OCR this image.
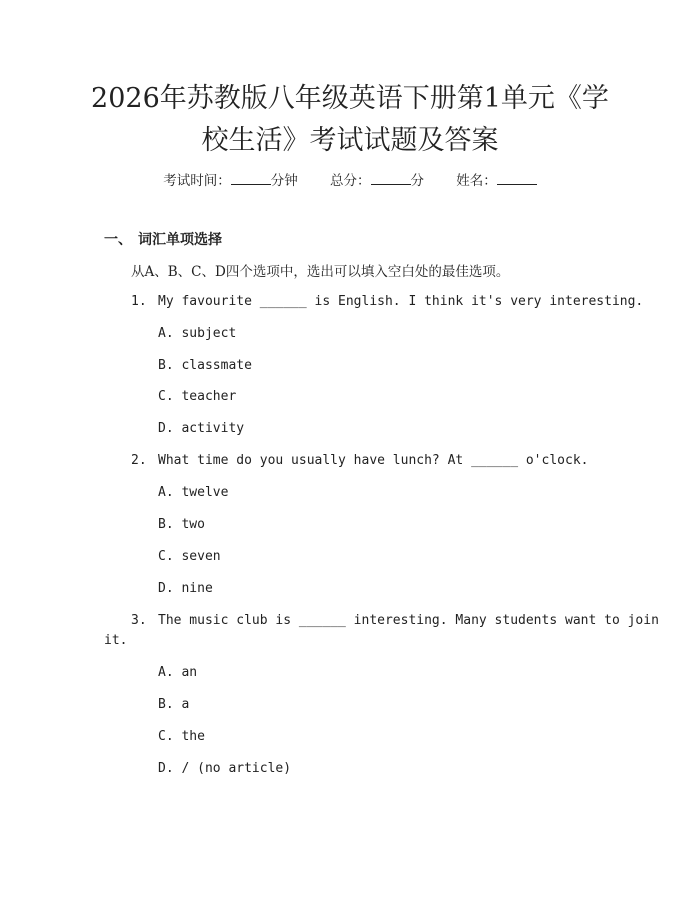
2026年苏教版八年级英语下册第1单元《学
校生活》考试试题及答案
考试时间：	分钟 总分：	分 姓名：
一、 词汇单项选择
从A、B、C、D四个选项中，选出可以填入空白处的最佳选项。
1. My favourite ______ is English. I think it's very interesting.
A. subject
B. classmate
C. teacher
D. activity
2. What time do you usually have lunch? At ______ o'clock.
A. twelve
B. two
C. seven
D. nine
3. The music club is ______ interesting. Many students want to join
it.
A. an
B. a
C. the
D. / (no article)
